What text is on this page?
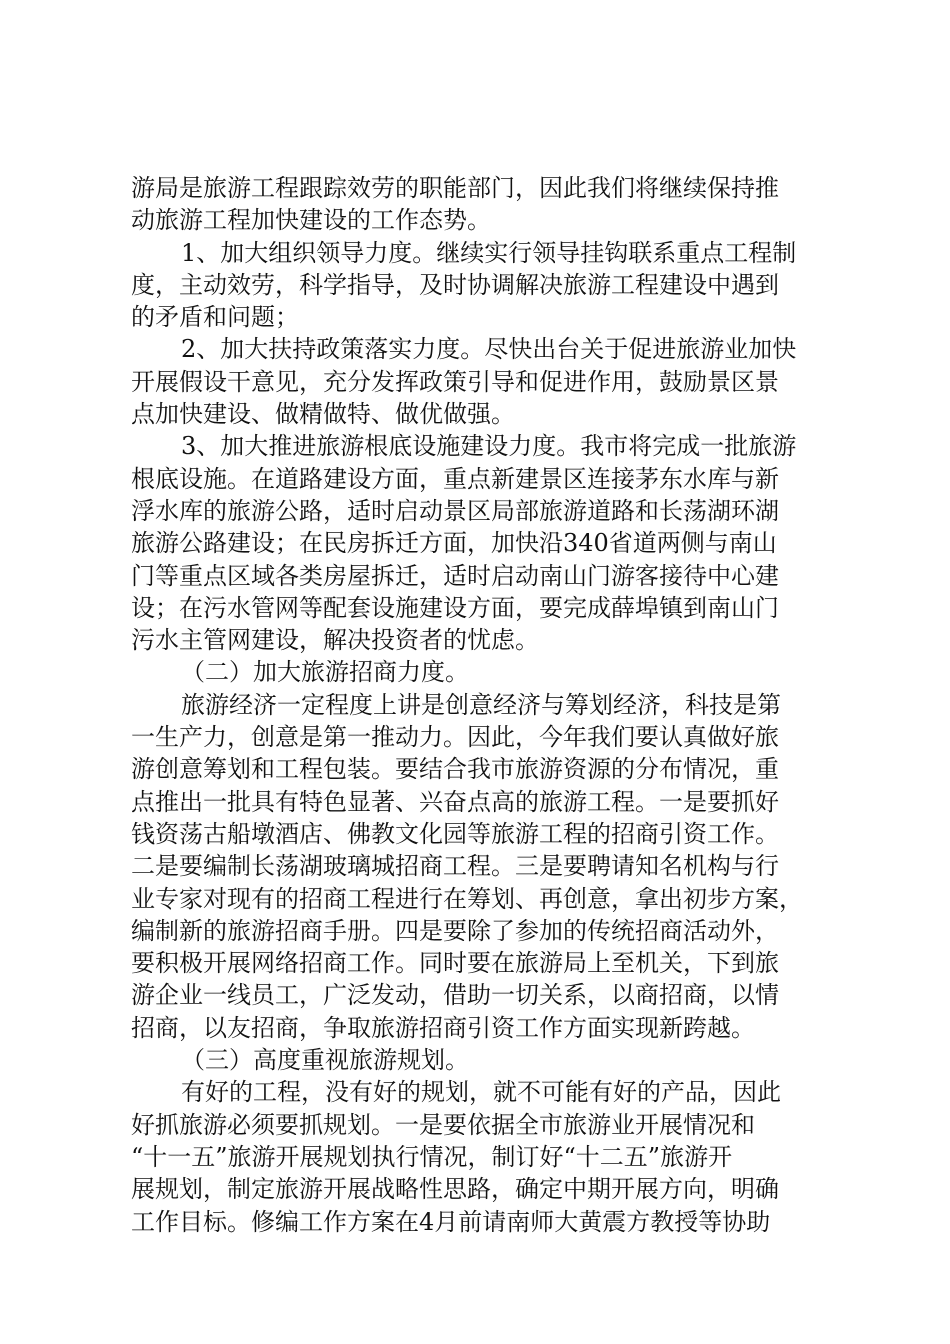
游局是旅游工程跟踪效劳的职能部门，因此我们将继续保持推
动旅游工程加快建设的工作态势。
1、加大组织领导力度。继续实行领导挂钩联系重点工程制
度，主动效劳，科学指导，及时协调解决旅游工程建设中遇到
的矛盾和问题；
2、加大扶持政策落实力度。尽快出台关于促进旅游业加快
开展假设干意见，充分发挥政策引导和促进作用，鼓励景区景
点加快建设、做精做特、做优做强。
3、加大推进旅游根底设施建设力度。我市将完成一批旅游
根底设施。在道路建设方面，重点新建景区连接茅东水库与新
浮水库的旅游公路，适时启动景区局部旅游道路和长荡湖环湖
旅游公路建设；在民房拆迁方面，加快沿340省道两侧与南山
门等重点区域各类房屋拆迁，适时启动南山门游客接待中心建
设；在污水管网等配套设施建设方面，要完成薛埠镇到南山门
污水主管网建设，解决投资者的忧虑。
（二）加大旅游招商力度。
旅游经济一定程度上讲是创意经济与筹划经济，科技是第
一生产力，创意是第一推动力。因此，今年我们要认真做好旅
游创意筹划和工程包装。要结合我市旅游资源的分布情况，重
点推出一批具有特色显著、兴奋点高的旅游工程。一是要抓好
钱资荡古船墩酒店、佛教文化园等旅游工程的招商引资工作。
二是要编制长荡湖玻璃城招商工程。三是要聘请知名机构与行
业专家对现有的招商工程进行在筹划、再创意，拿出初步方案，
编制新的旅游招商手册。四是要除了参加的传统招商活动外，
要积极开展网络招商工作。同时要在旅游局上至机关，下到旅
游企业一线员工，广泛发动，借助一切关系，以商招商，以情
招商，以友招商，争取旅游招商引资工作方面实现新跨越。
（三）高度重视旅游规划。
有好的工程，没有好的规划，就不可能有好的产品，因此
好抓旅游必须要抓规划。一是要依据全市旅游业开展情况和
“十一五”旅游开展规划执行情况，制订好“十二五”旅游开
展规划，制定旅游开展战略性思路，确定中期开展方向，明确
工作目标。修编工作方案在4月前请南师大黄震方教授等协助
